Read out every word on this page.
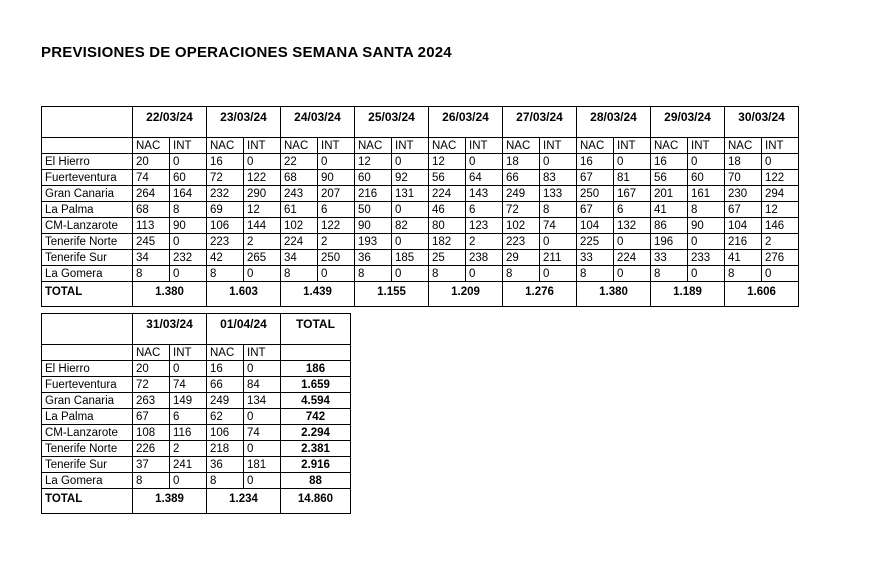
PREVISIONES DE OPERACIONES SEMANA SANTA 2024
	22/03/24		23/03/24		24/03/24		25/03/24		26/03/24		27/03/24		28/03/24		29/03/24		30/03/24	
	NAC	INT	NAC	INT	NAC	INT	NAC	INT	NAC	INT	NAC	INT	NAC	INT	NAC	INT	NAC	INT
El Hierro	20	0	16	0	22	0	12	0	12	0	18	0	16	0	16	0	18	0
Fuerteventura	74	60	72	122	68	90	60	92	56	64	66	83	67	81	56	60	70	122
Gran Canaria	264	164	232	290	243	207	216	131	224	143	249	133	250	167	201	161	230	294
La Palma	68	8	69	12	61	6	50	0	46	6	72	8	67	6	41	8	67	12
CM-Lanzarote	113	90	106	144	102	122	90	82	80	123	102	74	104	132	86	90	104	146
Tenerife Norte	245	0	223	2	224	2	193	0	182	2	223	0	225	0	196	0	216	2
Tenerife Sur	34	232	42	265	34	250	36	185	25	238	29	211	33	224	33	233	41	276
La Gomera	8	0	8	0	8	0	8	0	8	0	8	0	8	0	8	0	8	0
TOTAL	1.380		1.603		1.439		1.155		1.209		1.276		1.380		1.189		1.606	
	31/03/24		01/04/24		TOTAL
	NAC	INT	NAC	INT	
El Hierro	20	0	16	0	186
Fuerteventura	72	74	66	84	1.659
Gran Canaria	263	149	249	134	4.594
La Palma	67	6	62	0	742
CM-Lanzarote	108	116	106	74	2.294
Tenerife Norte	226	2	218	0	2.381
Tenerife Sur	37	241	36	181	2.916
La Gomera	8	0	8	0	88
TOTAL	1.389		1.234		14.860
